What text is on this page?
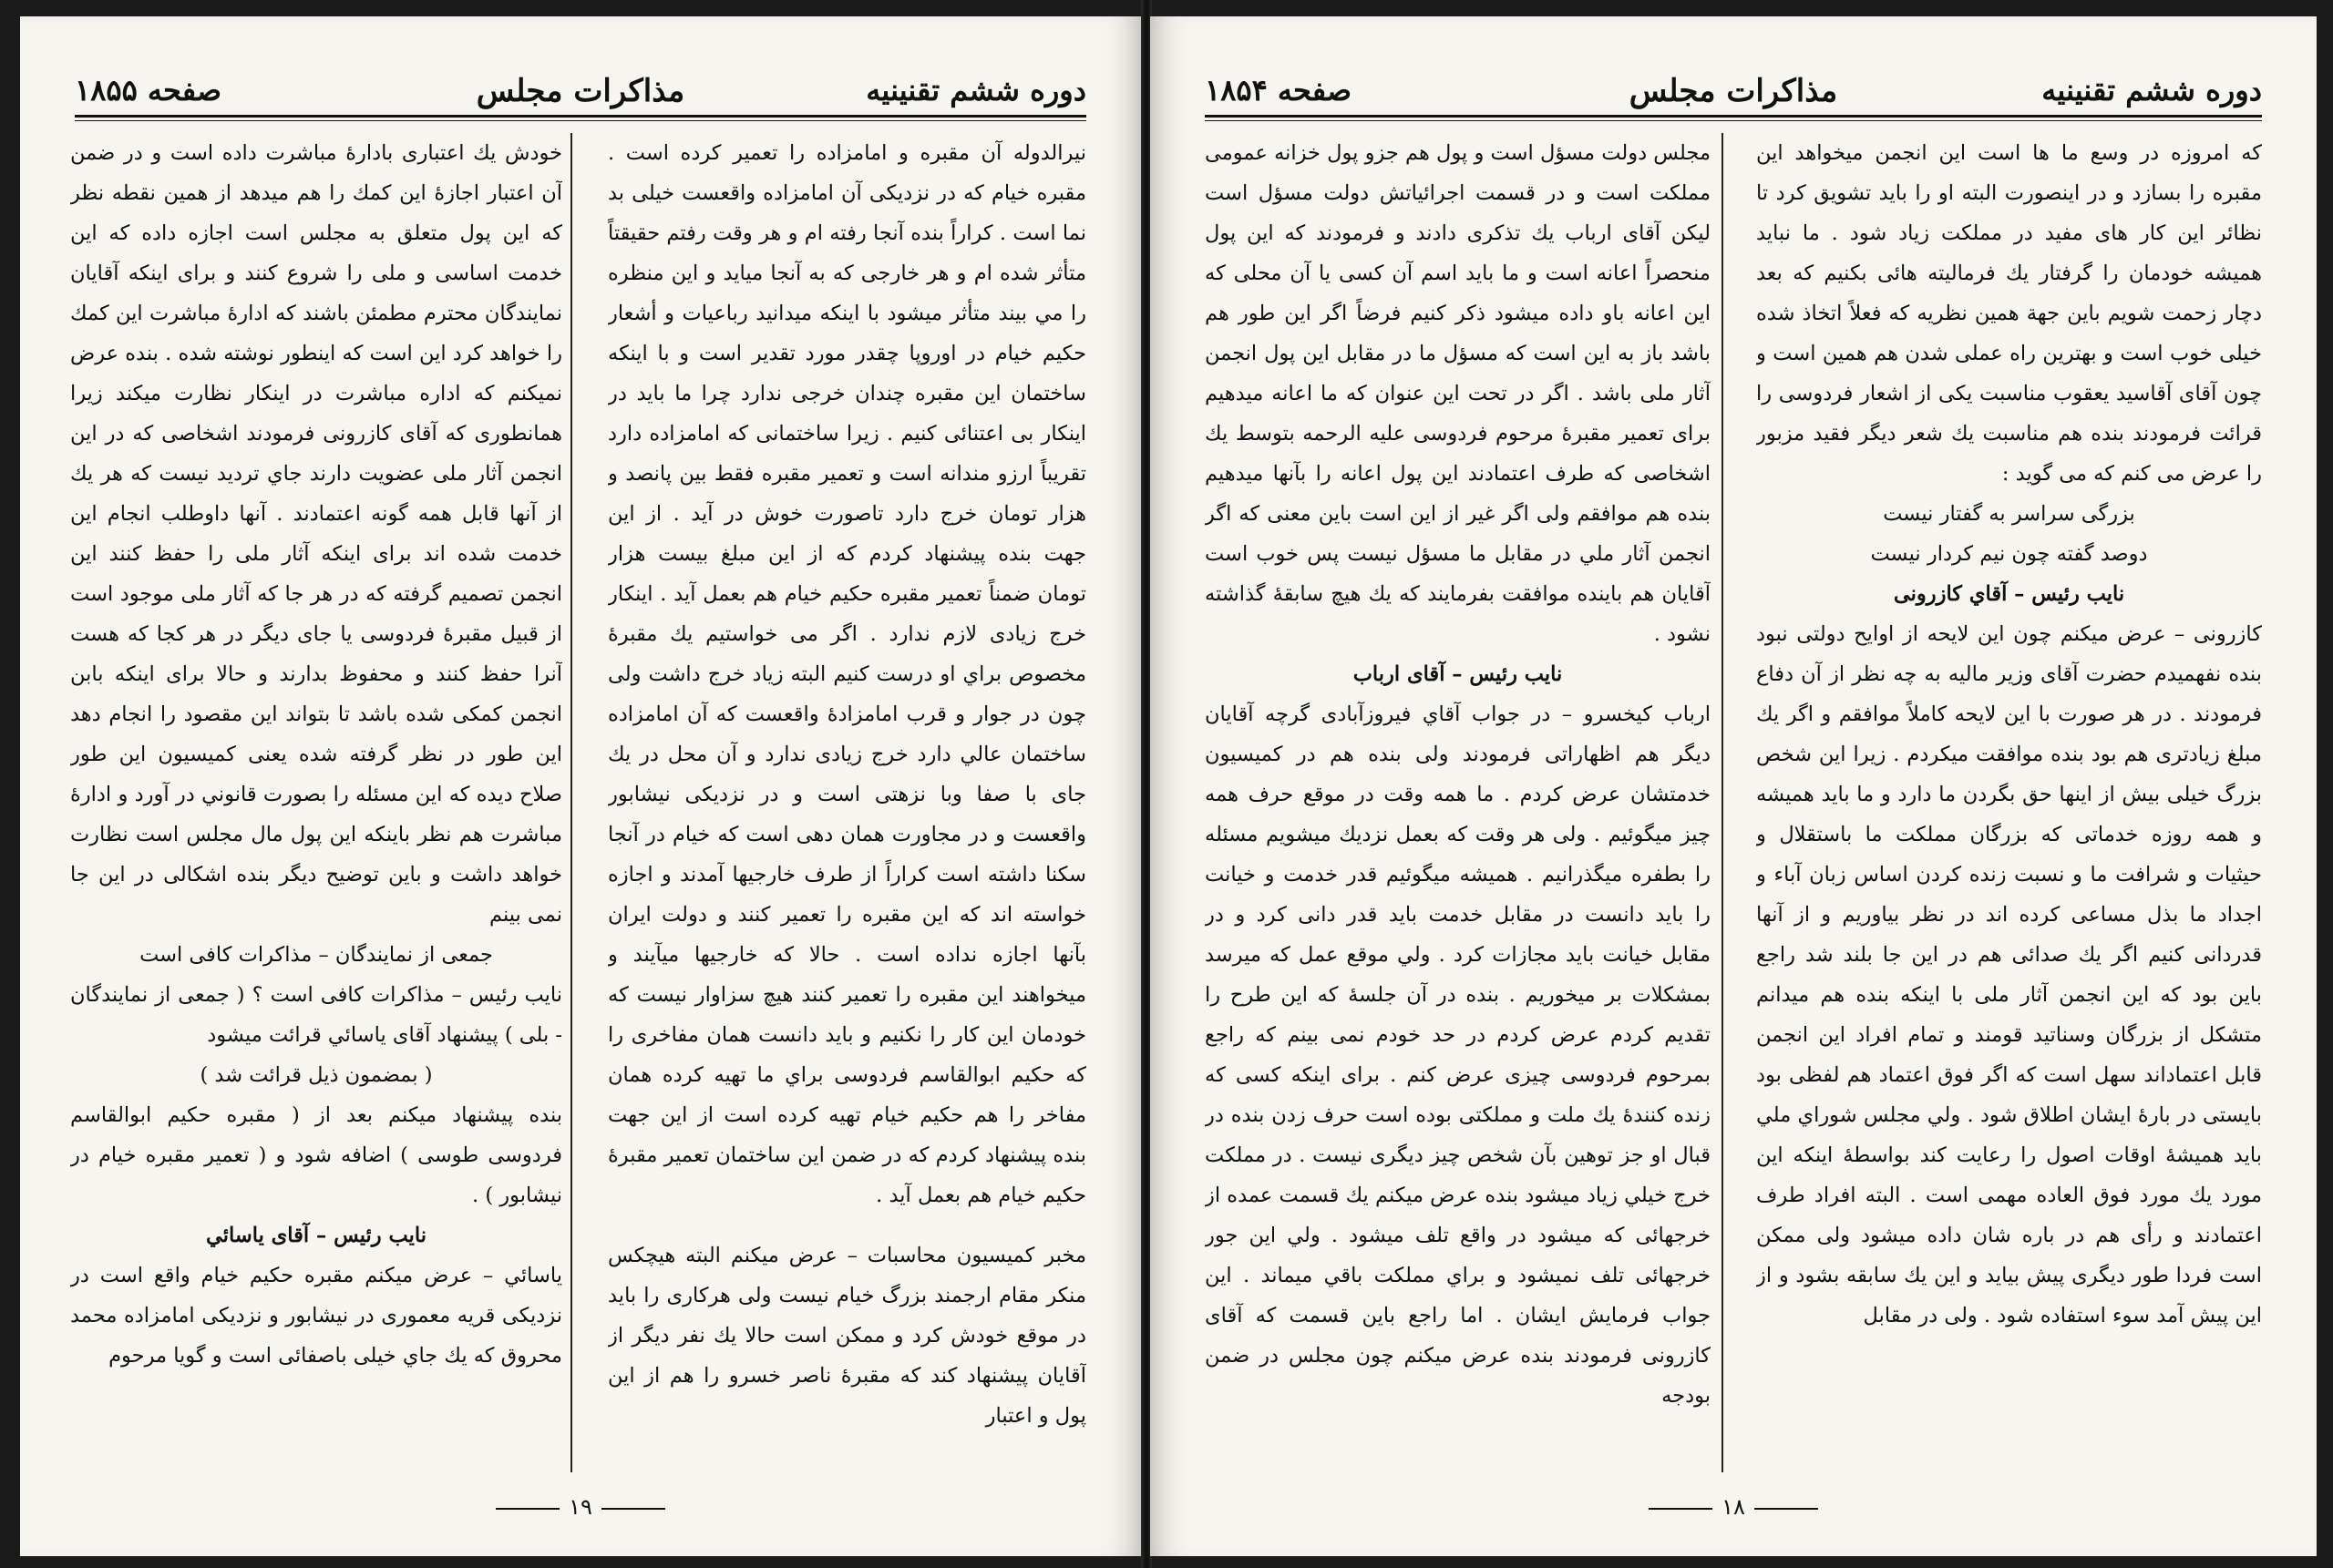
دوره ششم تقنینیه
مذاکرات مجلس
صفحه ۱۸۵۵

نیرالدوله آن مقبره و امامزاده را تعمیر کرده است . مقبره خیام که در نزدیکی آن امامزاده واقعست خیلی بد نما است . کراراً بنده آنجا رفته ام و هر وقت رفتم حقیقتاً متأثر شده ام و هر خارجی که به آنجا میاید و این منظره را مي بيند متأثر میشود با اینکه میدانید رباعیات و أشعار حکیم خیام در اوروپا چقدر مورد تقدیر است و با اینکه ساختمان این مقبره چندان خرجی ندارد چرا ما باید در اینکار بی اعتنائی کنیم . زیرا ساختمانی که امامزاده دارد تقریباً ارزو مندانه است و تعمیر مقبره فقط بین پانصد و هزار تومان خرج دارد تاصورت خوش در آید . از این جهت بنده پیشنهاد کردم که از این مبلغ بیست هزار تومان ضمناً تعمیر مقبره حکیم خیام هم بعمل آید . اینکار خرج زیادی لازم ندارد . اگر می خواستیم یك مقبرهٔ مخصوص براي او درست کنیم البته زیاد خرج داشت ولی چون در جوار و قرب امامزادهٔ واقعست که آن امامزاده ساختمان عالي دارد خرج زیادی ندارد و آن محل در یك جای با صفا وبا نزهتی است و در نزدیکی نیشابور واقعست و در مجاورت همان دهی است که خیام در آنجا سکنا داشته است کراراً از طرف خارجیها آمدند و اجازه خواسته اند که این مقبره را تعمیر کنند و دولت ایران بآنها اجازه نداده است . حالا که خارجیها میآیند و میخواهند این مقبره را تعمیر کنند هیچ سزاوار نیست که خودمان این کار را نکنیم و باید دانست همان مفاخری را که حکیم ابوالقاسم فردوسی براي ما تهیه کرده همان مفاخر را هم حکیم خیام تهیه کرده است از این جهت بنده پیشنهاد کردم که در ضمن این ساختمان تعمیر مقبرهٔ حکیم خیام هم بعمل آید .

مخبر کمیسیون محاسبات – عرض میکنم البته هیچکس منکر مقام ارجمند بزرگ خیام نیست ولی هرکاری را باید در موقع خودش کرد و ممکن است حالا یك نفر دیگر از آقایان پیشنهاد کند که مقبرهٔ ناصر خسرو را هم از این پول و اعتبار

خودش یك اعتباری بادارهٔ مباشرت داده است و در ضمن آن اعتبار اجازهٔ این کمك را هم میدهد از همین نقطه نظر که این پول متعلق به مجلس است اجازه داده که این خدمت اساسی و ملی را شروع کنند و برای اینکه آقایان نمایندگان محترم مطمئن باشند که ادارهٔ مباشرت این کمك را خواهد کرد این است که اینطور نوشته شده . بنده عرض نمیکنم که اداره مباشرت در اینکار نظارت میکند زیرا همانطوری که آقای کازرونی فرمودند اشخاصی که در این انجمن آثار ملی عضویت دارند جاي تردید نیست که هر یك از آنها قابل همه گونه اعتمادند . آنها داوطلب انجام این خدمت شده اند برای اینکه آثار ملی را حفظ کنند این انجمن تصمیم گرفته که در هر جا که آثار ملی موجود است از قبیل مقبرهٔ فردوسی یا جای دیگر در هر کجا که هست آنرا حفظ کنند و محفوظ بدارند و حالا برای اینکه بابن انجمن کمکی شده باشد تا بتواند این مقصود را انجام دهد این طور در نظر گرفته شده یعنی کمیسیون این طور صلاح دیده که این مسئله را بصورت قانوني در آورد و ادارهٔ مباشرت هم نظر باینکه این پول مال مجلس است نظارت خواهد داشت و باین توضیح دیگر بنده اشکالی در این جا نمی بینم

جمعی از نمایندگان – مذاکرات کافی است

نایب رئیس – مذاکرات کافی است ؟ ( جمعی از نمایندگان - بلی ) پیشنهاد آقای یاسائي قرائت میشود

( بمضمون ذیل قرائت شد )

بنده پیشنهاد میکنم بعد از ( مقبره حکیم ابوالقاسم فردوسی طوسی ) اضافه شود و ( تعمیر مقبره خیام در نیشابور ) .

نایب رئیس – آقای یاسائي

یاسائي – عرض میکنم مقبره حکیم خیام واقع است در نزدیکی قریه معموری در نیشابور و نزدیکی امامزاده محمد محروق که یك جاي خیلی باصفائی است و گویا مرحوم

۱۹
دوره ششم تقنینیه
مذاکرات مجلس
صفحه ۱۸۵۴

که امروزه در وسع ما ها است این انجمن میخواهد این مقبره را بسازد و در اینصورت البته او را باید تشویق کرد تا نظائر این کار های مفید در مملکت زیاد شود . ما نباید همیشه خودمان را گرفتار یك فرمالیته هائی بکنیم که بعد دچار زحمت شویم باین جهة همین نظریه که فعلاً اتخاذ شده خیلی خوب است و بهترین راه عملی شدن هم همین است و چون آقای آقاسید یعقوب مناسبت یکی از اشعار فردوسی را قرائت فرمودند بنده هم مناسبت یك شعر دیگر فقید مزبور را عرض می کنم که می گوید :

بزرگی سراسر به گفتار نیست

دوصد گفته چون نیم کردار نیست

نایب رئیس – آقاي کازرونی

کازرونی – عرض میکنم چون این لایحه از اوایح دولتی نبود بنده نفهمیدم حضرت آقای وزیر مالیه به چه نظر از آن دفاع فرمودند . در هر صورت با این لایحه کاملاً موافقم و اگر یك مبلغ زیادتری هم بود بنده موافقت میکردم . زیرا این شخص بزرگ خیلی بیش از اینها حق بگردن ما دارد و ما باید همیشه و همه روزه خدماتی که بزرگان مملکت ما باستقلال و حیثیات و شرافت ما و نسبت زنده کردن اساس زبان آباء و اجداد ما بذل مساعی کرده اند در نظر بیاوریم و از آنها قدردانی کنیم اگر یك صدائی هم در این جا بلند شد راجع باین بود که این انجمن آثار ملی با اینکه بنده هم میدانم متشکل از بزرگان وسناتید قومند و تمام افراد این انجمن قابل اعتماداند سهل است که اگر فوق اعتماد هم لفظی بود بایستی در بارهٔ ایشان اطلاق شود . ولي مجلس شوراي ملي باید همیشهٔ اوقات اصول را رعایت کند بواسطهٔ اینکه این مورد یك مورد فوق العاده مهمی است . البته افراد طرف اعتمادند و رأی هم در باره شان داده میشود ولی ممکن است فردا طور دیگری پیش بیاید و این یك سابقه بشود و از این پیش آمد سوء استفاده شود . ولی در مقابل

مجلس دولت مسؤل است و پول هم جزو پول خزانه عمومی مملکت است و در قسمت اجرائیاتش دولت مسؤل است لیکن آقای ارباب یك تذکری دادند و فرمودند که این پول منحصراً اعانه است و ما باید اسم آن کسی یا آن محلی که این اعانه باو داده میشود ذکر کنیم فرضاً اگر این طور هم باشد باز به این است که مسؤل ما در مقابل این پول انجمن آثار ملی باشد . اگر در تحت این عنوان که ما اعانه میدهیم برای تعمیر مقبرهٔ مرحوم فردوسی علیه الرحمه بتوسط یك اشخاصی که طرف اعتمادند این پول اعانه را بآنها میدهیم بنده هم موافقم ولی اگر غیر از این است باین معنی که اگر انجمن آثار ملي در مقابل ما مسؤل نیست پس خوب است آقایان هم باینده موافقت بفرمایند که یك هیچ سابقهٔ گذاشته نشود .

نایب رئیس – آقای ارباب

ارباب کیخسرو – در جواب آقاي فیروزآبادی گرچه آقایان دیگر هم اظهاراتی فرمودند ولی بنده هم در کمیسیون خدمتشان عرض کردم . ما همه وقت در موقع حرف همه چیز میگوئیم . ولی هر وقت که بعمل نزدیك میشویم مسئله را بطفره میگذرانیم . همیشه میگوئیم قدر خدمت و خیانت را باید دانست در مقابل خدمت باید قدر دانی کرد و در مقابل خیانت باید مجازات کرد . ولي موقع عمل که میرسد بمشکلات بر میخوریم . بنده در آن جلسهٔ که این طرح را تقدیم کردم عرض کردم در حد خودم نمی بینم که راجع بمرحوم فردوسی چیزی عرض کنم . برای اینکه کسی که زنده کنندهٔ یك ملت و مملکتی بوده است حرف زدن بنده در قبال او جز توهین بآن شخص چیز دیگری نیست . در مملکت خرج خیلي زیاد میشود بنده عرض میکنم یك قسمت عمده از خرجهائی که میشود در واقع تلف میشود . ولي این جور خرجهائی تلف نمیشود و براي مملکت باقي میماند . این جواب فرمایش ایشان . اما راجع باین قسمت که آقای کازرونی فرمودند بنده عرض میکنم چون مجلس در ضمن بودجه

۱۸
